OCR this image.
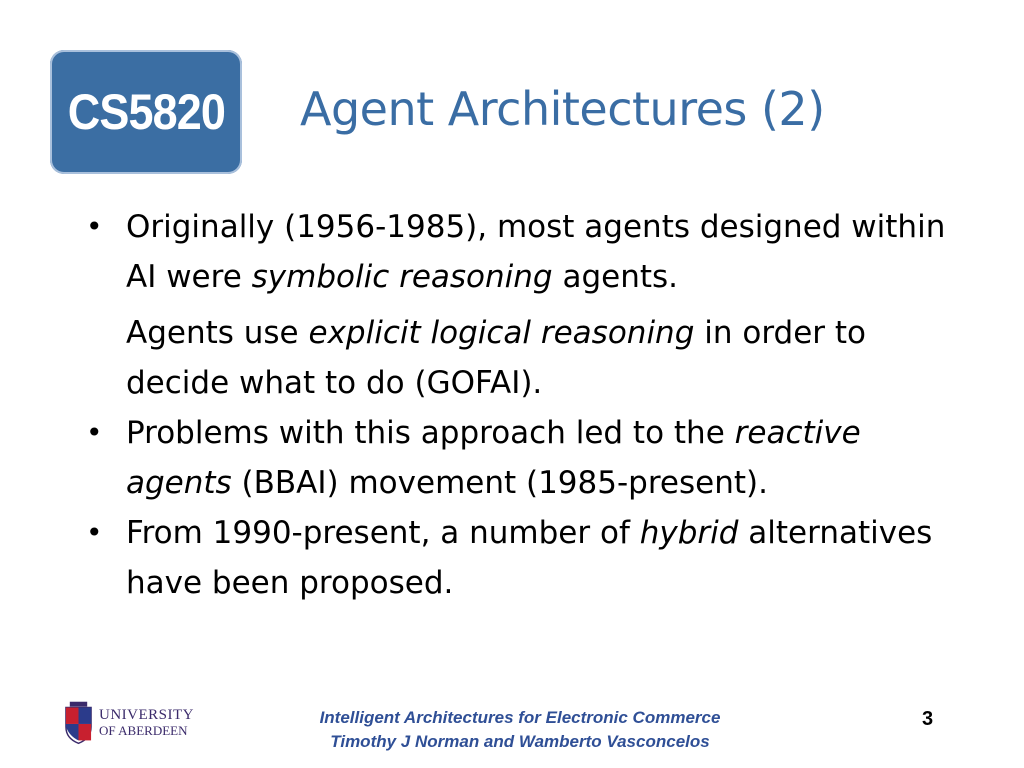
CS5820 Agent Architectures (2)
• Originally (1956-1985), most agents designed within AI were symbolic reasoning agents.
Agents use explicit logical reasoning in order to decide what to do (GOFAI).
• Problems with this approach led to the reactive agents (BBAI) movement (1985-present).
• From 1990-present, a number of hybrid alternatives have been proposed.
UNIVERSITY
OF ABERDEEN
Intelligent Architectures for Electronic Commerce
Timothy J Norman and Wamberto Vasconcelos
3
